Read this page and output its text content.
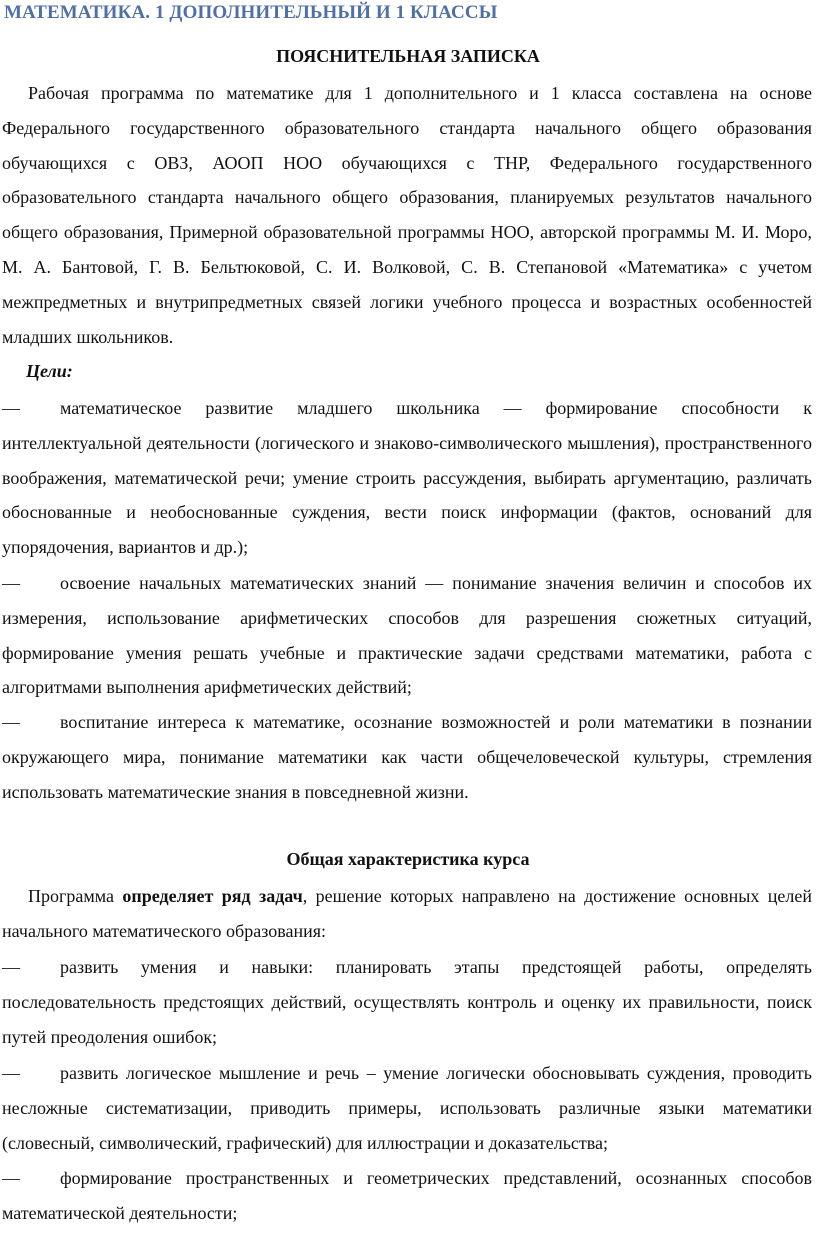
МАТЕМАТИКА. 1 ДОПОЛНИТЕЛЬНЫЙ И 1 КЛАССЫ
ПОЯСНИТЕЛЬНАЯ ЗАПИСКА
Рабочая программа по математике для 1 дополнительного и 1 класса составлена на основе Федерального государственного образовательного стандарта начального общего образования обучающихся с ОВЗ, АООП НОО обучающихся с ТНР, Федерального государственного образовательного стандарта начального общего образования, планируемых результатов начального общего образования, Примерной образовательной программы НОО, авторской программы М. И. Моро, М. А. Бантовой, Г. В. Бельтюковой, С. И. Волковой, С. В. Степановой «Математика» с учетом межпредметных и внутрипредметных связей логики учебного процесса и возрастных особенностей младших школьников.
Цели:
— математическое развитие младшего школьника — формирование способности к интеллектуальной деятельности (логического и знаково-символического мышления), пространственного воображения, математической речи; умение строить рассуждения, выбирать аргументацию, различать обоснованные и необоснованные суждения, вести поиск информации (фактов, оснований для упорядочения, вариантов и др.);
— освоение начальных математических знаний — понимание значения величин и способов их измерения, использование арифметических способов для разрешения сюжетных ситуаций, формирование умения решать учебные и практические задачи средствами математики, работа с алгоритмами выполнения арифметических действий;
— воспитание интереса к математике, осознание возможностей и роли математики в познании окружающего мира, понимание математики как части общечеловеческой культуры, стремления использовать математические знания в повседневной жизни.
Общая характеристика курса
Программа определяет ряд задач, решение которых направлено на достижение основных целей начального математического образования:
— развить умения и навыки: планировать этапы предстоящей работы, определять последовательность предстоящих действий, осуществлять контроль и оценку их правильности, поиск путей преодоления ошибок;
— развить логическое мышление и речь – умение логически обосновывать суждения, проводить несложные систематизации, приводить примеры, использовать различные языки математики (словесный, символический, графический) для иллюстрации и доказательства;
— формирование пространственных и геометрических представлений, осознанных способов математической деятельности;
